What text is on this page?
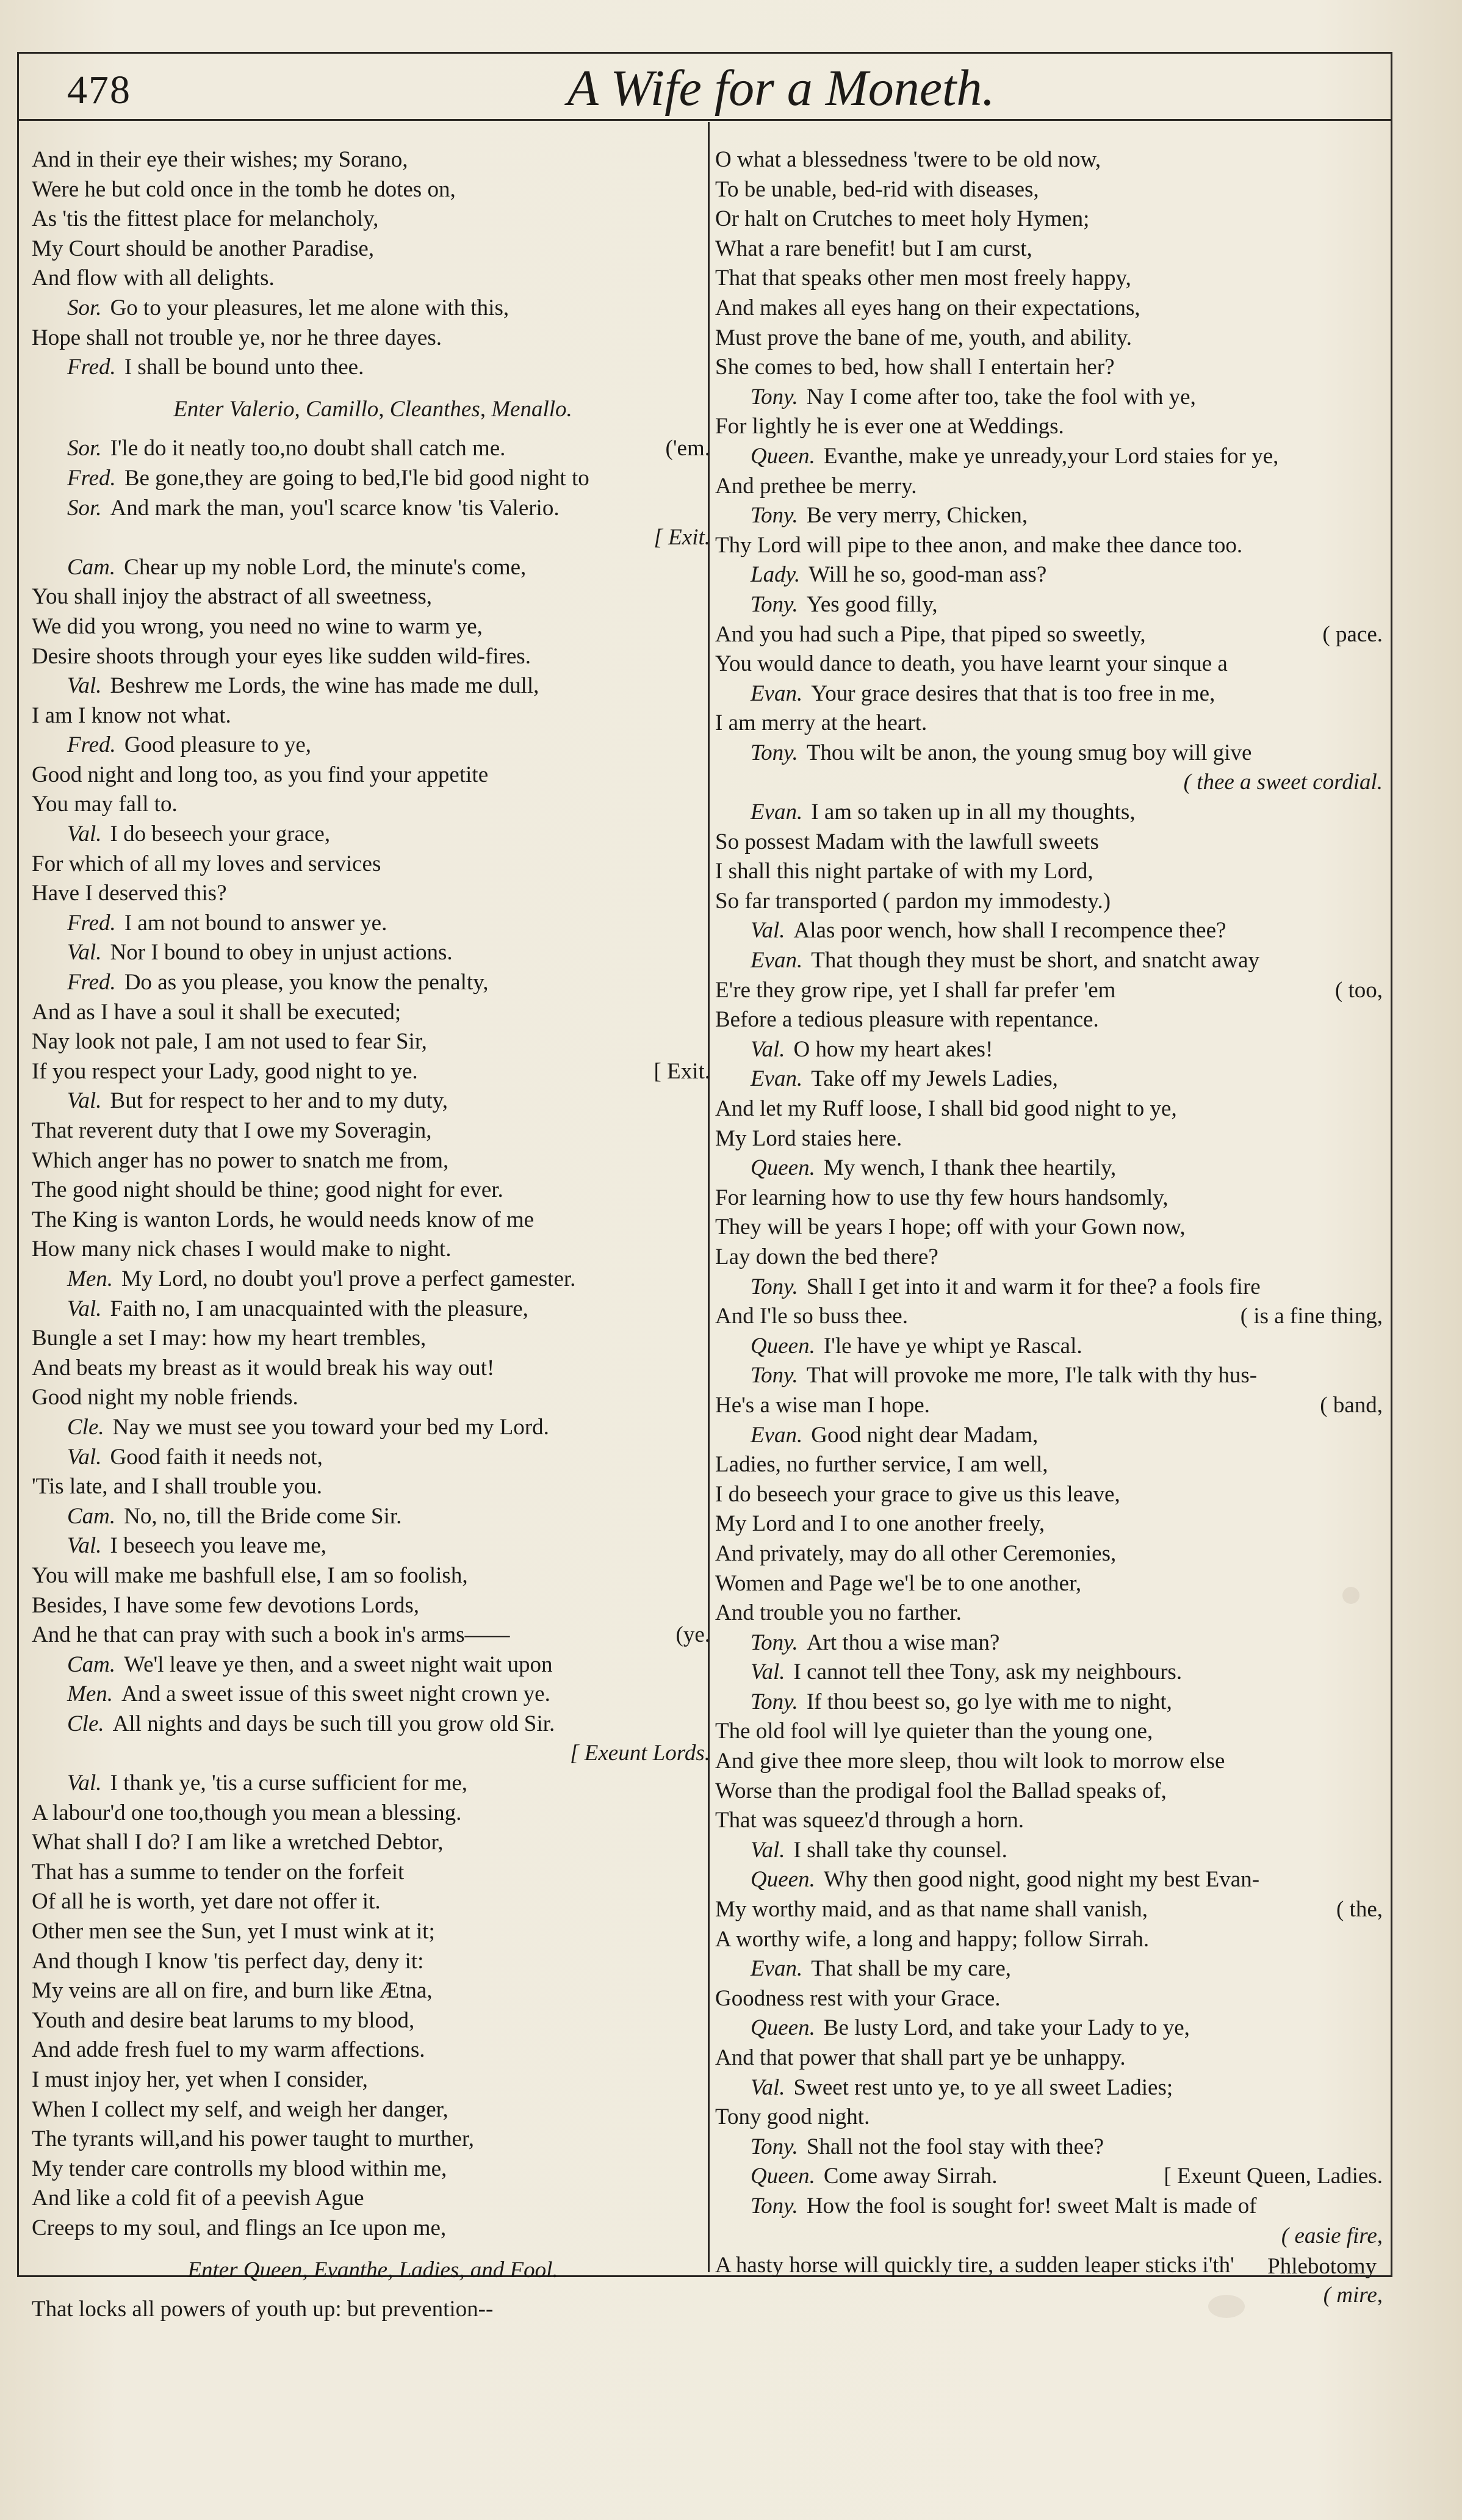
478	A Wife for a Moneth.
And in their eye their wishes; my Sorano,
Were he but cold once in the tomb he dotes on,
As 'tis the fittest place for melancholy,
My Court should be another Paradise,
And flow with all delights.
Sor. Go to your pleasures, let me alone with this,
Hope shall not trouble ye, nor he three dayes.
Fred. I shall be bound unto thee.
Enter Valerio, Camillo, Cleanthes, Menallo.
Sor. I'le do it neatly too,no doubt shall catch me.	('em.
Fred. Be gone,they are going to bed,I'le bid good night to
Sor. And mark the man, you'l scarce know 'tis Valerio.
[ Exit.
Cam. Chear up my noble Lord, the minute's come,
You shall injoy the abstract of all sweetness,
We did you wrong, you need no wine to warm ye,
Desire shoots through your eyes like sudden wild-fires.
Val. Beshrew me Lords, the wine has made me dull,
I am I know not what.
Fred. Good pleasure to ye,
Good night and long too, as you find your appetite
You may fall to.
Val. I do beseech your grace,
For which of all my loves and services
Have I deserved this?
Fred. I am not bound to answer ye.
Val. Nor I bound to obey in unjust actions.
Fred. Do as you please, you know the penalty,
And as I have a soul it shall be executed;
Nay look not pale, I am not used to fear Sir,
If you respect your Lady, good night to ye.	[ Exit.
Val. But for respect to her and to my duty,
That reverent duty that I owe my Soveragin,
Which anger has no power to snatch me from,
The good night should be thine; good night for ever.
The King is wanton Lords, he would needs know of me
How many nick chases I would make to night.
Men. My Lord, no doubt you'l prove a perfect gamester.
Val. Faith no, I am unacquainted with the pleasure,
Bungle a set I may: how my heart trembles,
And beats my breast as it would break his way out!
Good night my noble friends.
Cle. Nay we must see you toward your bed my Lord.
Val. Good faith it needs not,
'Tis late, and I shall trouble you.
Cam. No, no, till the Bride come Sir.
Val. I beseech you leave me,
You will make me bashfull else, I am so foolish,
Besides, I have some few devotions Lords,
And he that can pray with such a book in's arms——	(ye.
Cam. We'l leave ye then, and a sweet night wait upon
Men. And a sweet issue of this sweet night crown ye.
Cle. All nights and days be such till you grow old Sir.
[ Exeunt Lords.
Val. I thank ye, 'tis a curse sufficient for me,
A labour'd one too,though you mean a blessing.
What shall I do? I am like a wretched Debtor,
That has a summe to tender on the forfeit
Of all he is worth, yet dare not offer it.
Other men see the Sun, yet I must wink at it;
And though I know 'tis perfect day, deny it:
My veins are all on fire, and burn like Ætna,
Youth and desire beat larums to my blood,
And adde fresh fuel to my warm affections.
I must injoy her, yet when I consider,
When I collect my self, and weigh her danger,
The tyrants will,and his power taught to murther,
My tender care controlls my blood within me,
And like a cold fit of a peevish Ague
Creeps to my soul, and flings an Ice upon me,
Enter Queen, Evanthe, Ladies, and Fool.
That locks all powers of youth up: but prevention--
O what a blessedness 'twere to be old now,
To be unable, bed-rid with diseases,
Or halt on Crutches to meet holy Hymen;
What a rare benefit! but I am curst,
That that speaks other men most freely happy,
And makes all eyes hang on their expectations,
Must prove the bane of me, youth, and ability.
She comes to bed, how shall I entertain her?
Tony. Nay I come after too, take the fool with ye,
For lightly he is ever one at Weddings.
Queen. Evanthe, make ye unready,your Lord staies for ye,
And prethee be merry.
Tony. Be very merry, Chicken,
Thy Lord will pipe to thee anon, and make thee dance too.
Lady. Will he so, good-man ass?
Tony. Yes good filly,
And you had such a Pipe, that piped so sweetly,	( pace.
You would dance to death, you have learnt your sinque a
Evan. Your grace desires that that is too free in me,
I am merry at the heart.
Tony. Thou wilt be anon, the young smug boy will give
( thee a sweet cordial.
Evan. I am so taken up in all my thoughts,
So possest Madam with the lawfull sweets
I shall this night partake of with my Lord,
So far transported ( pardon my immodesty.)
Val. Alas poor wench, how shall I recompence thee?
Evan. That though they must be short, and snatcht away
E're they grow ripe, yet I shall far prefer 'em	( too,
Before a tedious pleasure with repentance.
Val. O how my heart akes!
Evan. Take off my Jewels Ladies,
And let my Ruff loose, I shall bid good night to ye,
My Lord staies here.
Queen. My wench, I thank thee heartily,
For learning how to use thy few hours handsomly,
They will be years I hope; off with your Gown now,
Lay down the bed there?
Tony. Shall I get into it and warm it for thee? a fools fire
And I'le so buss thee.	( is a fine thing,
Queen. I'le have ye whipt ye Rascal.
Tony. That will provoke me more, I'le talk with thy hus-
He's a wise man I hope.	( band,
Evan. Good night dear Madam,
Ladies, no further service, I am well,
I do beseech your grace to give us this leave,
My Lord and I to one another freely,
And privately, may do all other Ceremonies,
Women and Page we'l be to one another,
And trouble you no farther.
Tony. Art thou a wise man?
Val. I cannot tell thee Tony, ask my neighbours.
Tony. If thou beest so, go lye with me to night,
The old fool will lye quieter than the young one,
And give thee more sleep, thou wilt look to morrow else
Worse than the prodigal fool the Ballad speaks of,
That was squeez'd through a horn.
Val. I shall take thy counsel.
Queen. Why then good night, good night my best Evan-
My worthy maid, and as that name shall vanish,	( the,
A worthy wife, a long and happy; follow Sirrah.
Evan. That shall be my care,
Goodness rest with your Grace.
Queen. Be lusty Lord, and take your Lady to ye,
And that power that shall part ye be unhappy.
Val. Sweet rest unto ye, to ye all sweet Ladies;
Tony good night.
Tony. Shall not the fool stay with thee?
Queen. Come away Sirrah.	[ Exeunt Queen, Ladies.
Tony. How the fool is sought for! sweet Malt is made of
( easie fire,
A hasty horse will quickly tire, a sudden leaper sticks i'th'
( mire,
Phlebotomy
